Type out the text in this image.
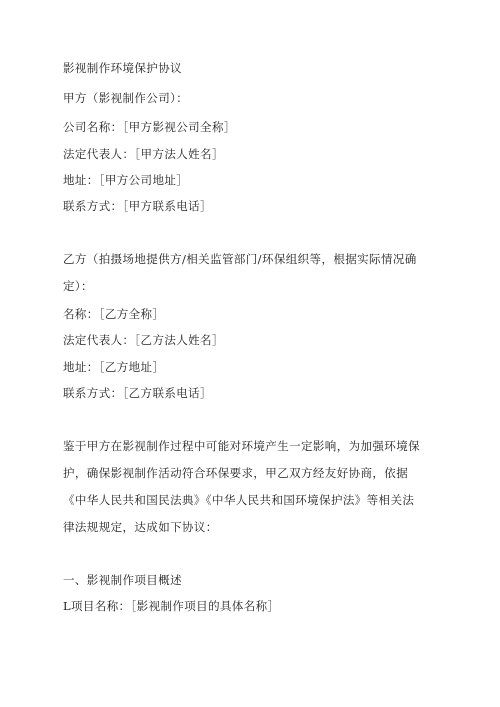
影视制作环境保护协议
甲方（影视制作公司）：
公司名称：［甲方影视公司全称］
法定代表人：［甲方法人姓名］
地址：［甲方公司地址］
联系方式：［甲方联系电话］
乙方（拍摄场地提供方/相关监管部门/环保组织等，根据实际情况确
定）：
名称：［乙方全称］
法定代表人：［乙方法人姓名］
地址：［乙方地址］
联系方式：［乙方联系电话］
鉴于甲方在影视制作过程中可能对环境产生一定影响，为加强环境保
护，确保影视制作活动符合环保要求，甲乙双方经友好协商，依据
《中华人民共和国民法典》《中华人民共和国环境保护法》等相关法
律法规规定，达成如下协议：
一、影视制作项目概述
L项目名称：［影视制作项目的具体名称］
